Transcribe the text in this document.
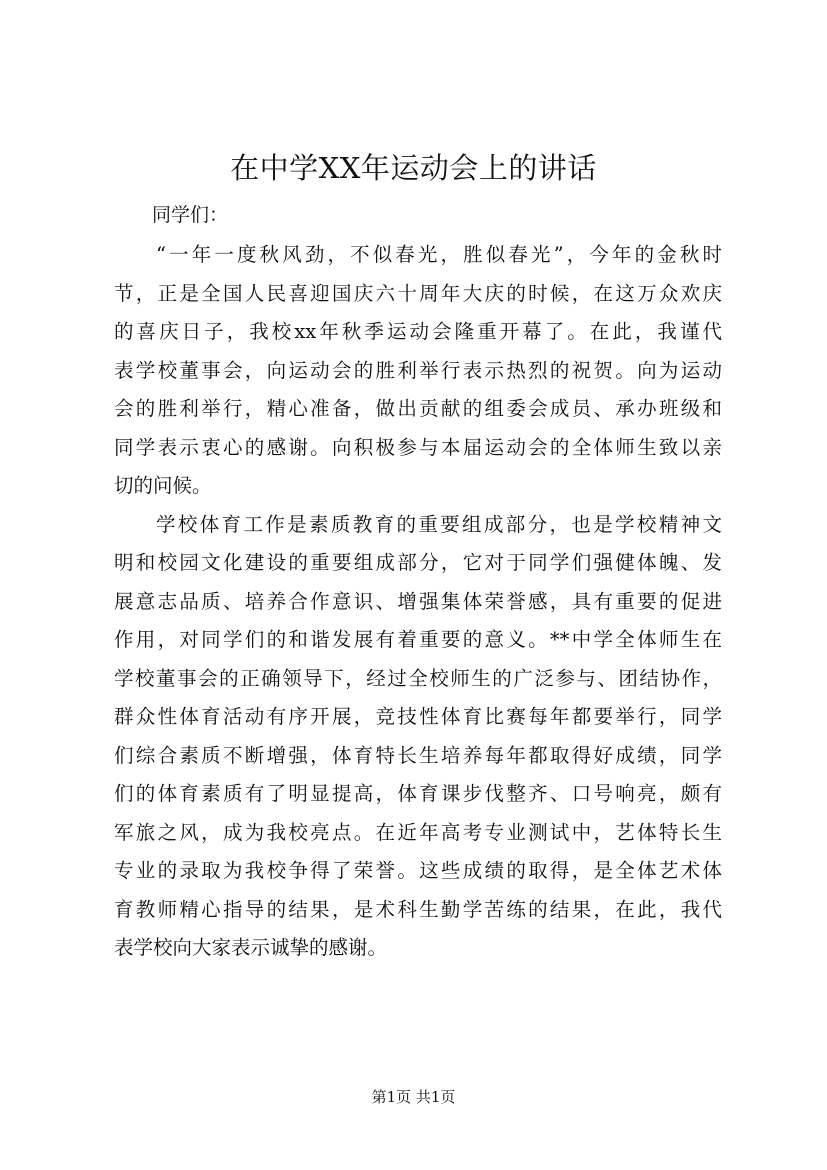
在中学XX年运动会上的讲话
同学们：
“一年一度秋风劲，不似春光，胜似春光”，今年的金秋时
节，正是全国人民喜迎国庆六十周年大庆的时候，在这万众欢庆
的喜庆日子，我校xx年秋季运动会隆重开幕了。在此，我谨代
表学校董事会，向运动会的胜利举行表示热烈的祝贺。向为运动
会的胜利举行，精心准备，做出贡献的组委会成员、承办班级和
同学表示衷心的感谢。向积极参与本届运动会的全体师生致以亲
切的问候。
学校体育工作是素质教育的重要组成部分，也是学校精神文
明和校园文化建设的重要组成部分，它对于同学们强健体魄、发
展意志品质、培养合作意识、增强集体荣誉感，具有重要的促进
作用，对同学们的和谐发展有着重要的意义。**中学全体师生在
学校董事会的正确领导下，经过全校师生的广泛参与、团结协作，
群众性体育活动有序开展，竞技性体育比赛每年都要举行，同学
们综合素质不断增强，体育特长生培养每年都取得好成绩，同学
们的体育素质有了明显提高，体育课步伐整齐、口号响亮，颇有
军旅之风，成为我校亮点。在近年高考专业测试中，艺体特长生
专业的录取为我校争得了荣誉。这些成绩的取得，是全体艺术体
育教师精心指导的结果，是术科生勤学苦练的结果，在此，我代
表学校向大家表示诚挚的感谢。
第1页 共1页
